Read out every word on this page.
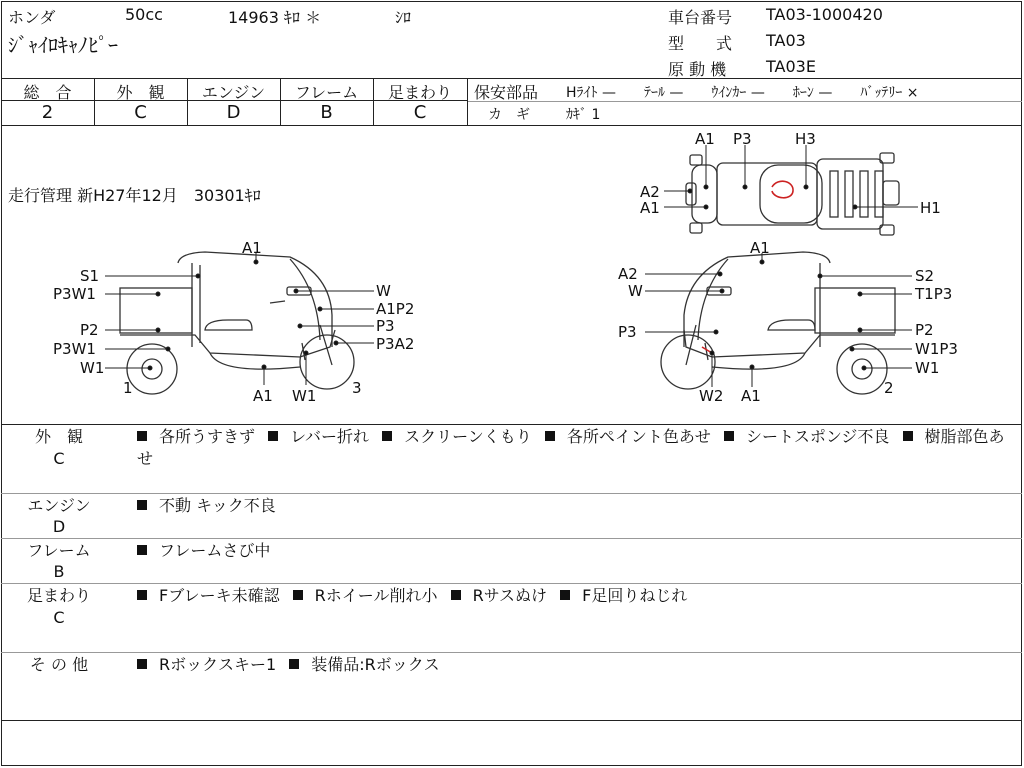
ホンダ	50cc	14963 ｷﾛ ＊	ｼﾛ
ｼﾞｬｲﾛｷｬﾉﾋﾟｰ
車台番号 TA03-1000420
型　　式 TA03
原 動 機 TA03E
総　合
2
外　観
C
エンジン
D
フレーム
B
足まわり
C
保安部品 Hﾗｲﾄ —　　ﾃｰﾙ —　　ｳｲﾝｶｰ —　　ﾎｰﾝ —　　ﾊﾞｯﾃﾘｰ ×
カ　ギ	ｶｷﾞ 1
走行管理 新H27年12月　30301ｷﾛ
A1 P3	H3
A2
A1	H1
A1
S1
P3W1	W
A1P2
P3
P2
P3A2
P3W1
W1
1	A1 W1 3
A1
A2	S2
W	T1P3
P3	P2
W1P3
W1
2
W2 A1
外　観
C
各所うすきず レバー折れ スクリーンくもり 各所ペイント色あせ シートスポンジ不良 樹脂部色あせ
エンジン
D
不動 キック不良
フレーム
B
フレームさび中
足まわり
C
Fブレーキ未確認 Rホイール削れ小 Rサスぬけ F足回りねじれ
そ の 他	Rボックスキー1 装備品:Rボックス
